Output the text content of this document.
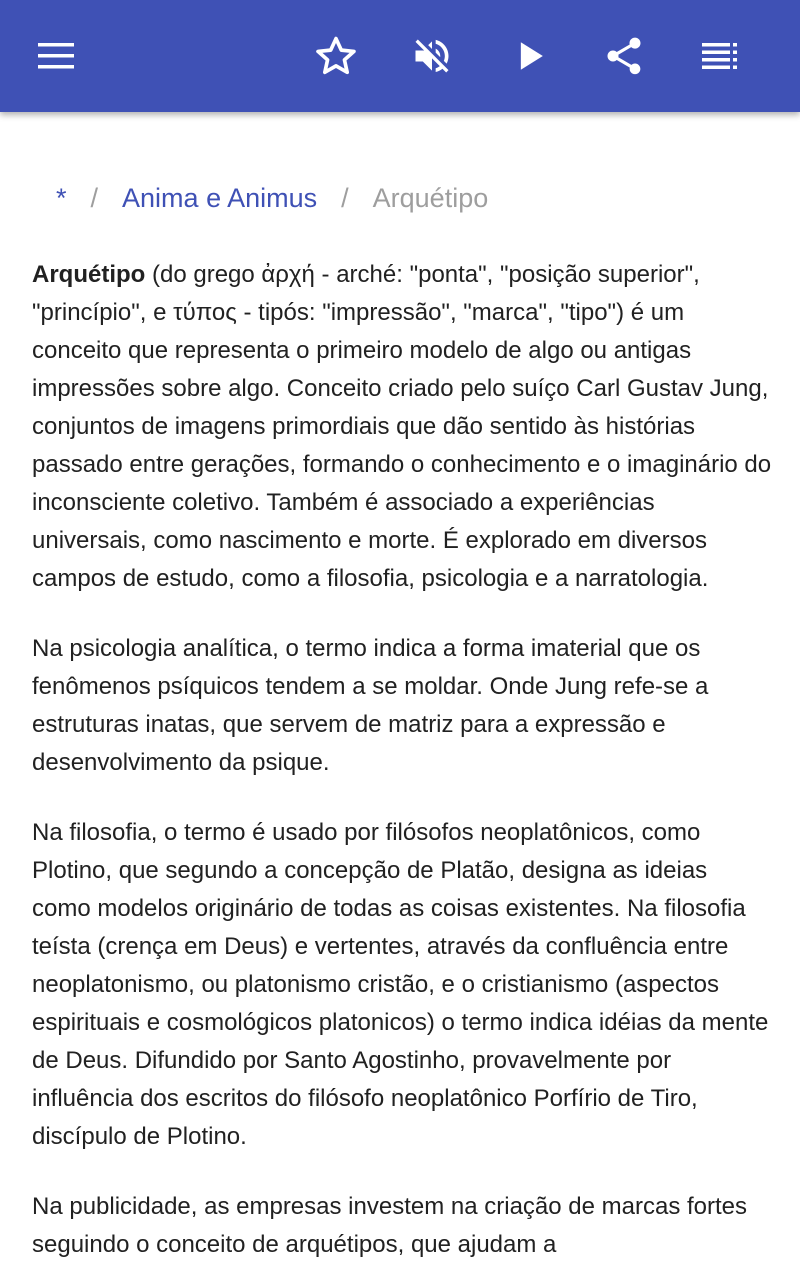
* / Anima e Animus / Arquétipo

Arquétipo (do grego ἀρχή - arché: "ponta", "posição superior", "princípio", e τύπος - tipós: "impressão", "marca", "tipo") é um conceito que representa o primeiro modelo de algo ou antigas impressões sobre algo. Conceito criado pelo suíço Carl Gustav Jung, conjuntos de imagens primordiais que dão sentido às histórias passado entre gerações, formando o conhecimento e o imaginário do inconsciente coletivo. Também é associado a experiências universais, como nascimento e morte. É explorado em diversos campos de estudo, como a filosofia, psicologia e a narratologia.

Na psicologia analítica, o termo indica a forma imaterial que os fenômenos psíquicos tendem a se moldar. Onde Jung refe-se a estruturas inatas, que servem de matriz para a expressão e desenvolvimento da psique.

Na filosofia, o termo é usado por filósofos neoplatônicos, como Plotino, que segundo a concepção de Platão, designa as ideias como modelos originário de todas as coisas existentes. Na filosofia teísta (crença em Deus) e vertentes, através da confluência entre neoplatonismo, ou platonismo cristão, e o cristianismo (aspectos espirituais e cosmológicos platonicos) o termo indica idéias da mente de Deus. Difundido por Santo Agostinho, provavelmente por influência dos escritos do filósofo neoplatônico Porfírio de Tiro, discípulo de Plotino.

Na publicidade, as empresas investem na criação de marcas fortes seguindo o conceito de arquétipos, que ajudam a
